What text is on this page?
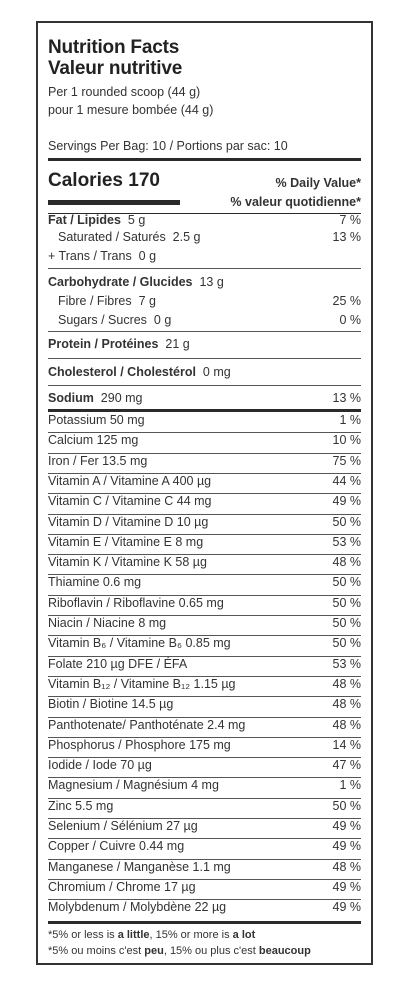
Nutrition Facts
Valeur nutritive
Per 1 rounded scoop (44 g)
pour 1 mesure bombée (44 g)
Servings Per Bag: 10 / Portions par sac: 10
Calories 170	% Daily Value*
% valeur quotidienne*
Fat / Lipides 5 g	7 %
Saturated / Saturés 2.5 g	13 %
+ Trans / Trans 0 g
Carbohydrate / Glucides 13 g
Fibre / Fibres 7 g	25 %
Sugars / Sucres 0 g	0 %
Protein / Protéines 21 g
Cholesterol / Cholestérol 0 mg
Sodium 290 mg	13 %
Potassium 50 mg	1 %
Calcium 125 mg	10 %
Iron / Fer 13.5 mg	75 %
Vitamin A / Vitamine A 400 µg	44 %
Vitamin C / Vitamine C 44 mg	49 %
Vitamin D / Vitamine D 10 µg	50 %
Vitamin E / Vitamine E 8 mg	53 %
Vitamin K / Vitamine K 58 µg	48 %
Thiamine 0.6 mg	50 %
Riboflavin / Riboflavine 0.65 mg	50 %
Niacin / Niacine 8 mg	50 %
Vitamin B₆ / Vitamine B₆ 0.85 mg	50 %
Folate 210 µg DFE / ÉFA	53 %
Vitamin B₁₂ / Vitamine B₁₂ 1.15 µg	48 %
Biotin / Biotine 14.5 µg	48 %
Panthotenate/ Panthoténate 2.4 mg	48 %
Phosphorus / Phosphore 175 mg	14 %
Iodide / Iode 70 µg	47 %
Magnesium / Magnésium 4 mg	1 %
Zinc 5.5 mg	50 %
Selenium / Sélénium 27 µg	49 %
Copper / Cuivre 0.44 mg	49 %
Manganese / Manganèse 1.1 mg	48 %
Chromium / Chrome 17 µg	49 %
Molybdenum / Molybdène 22 µg	49 %
*5% or less is a little, 15% or more is a lot
*5% ou moins c'est peu, 15% ou plus c'est beaucoup
